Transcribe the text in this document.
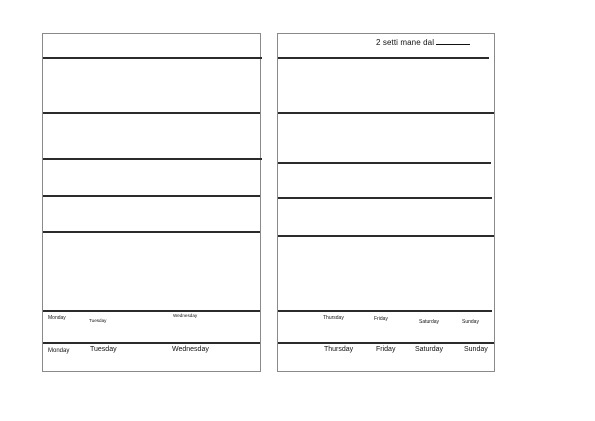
Monday	Tuesday
Wednesday
Monday	Tuesday	Wednesday
2 setti mane dal
Thursday	Friday	Saturday	Sunday
Thursday	Friday	Saturday	Sunday
